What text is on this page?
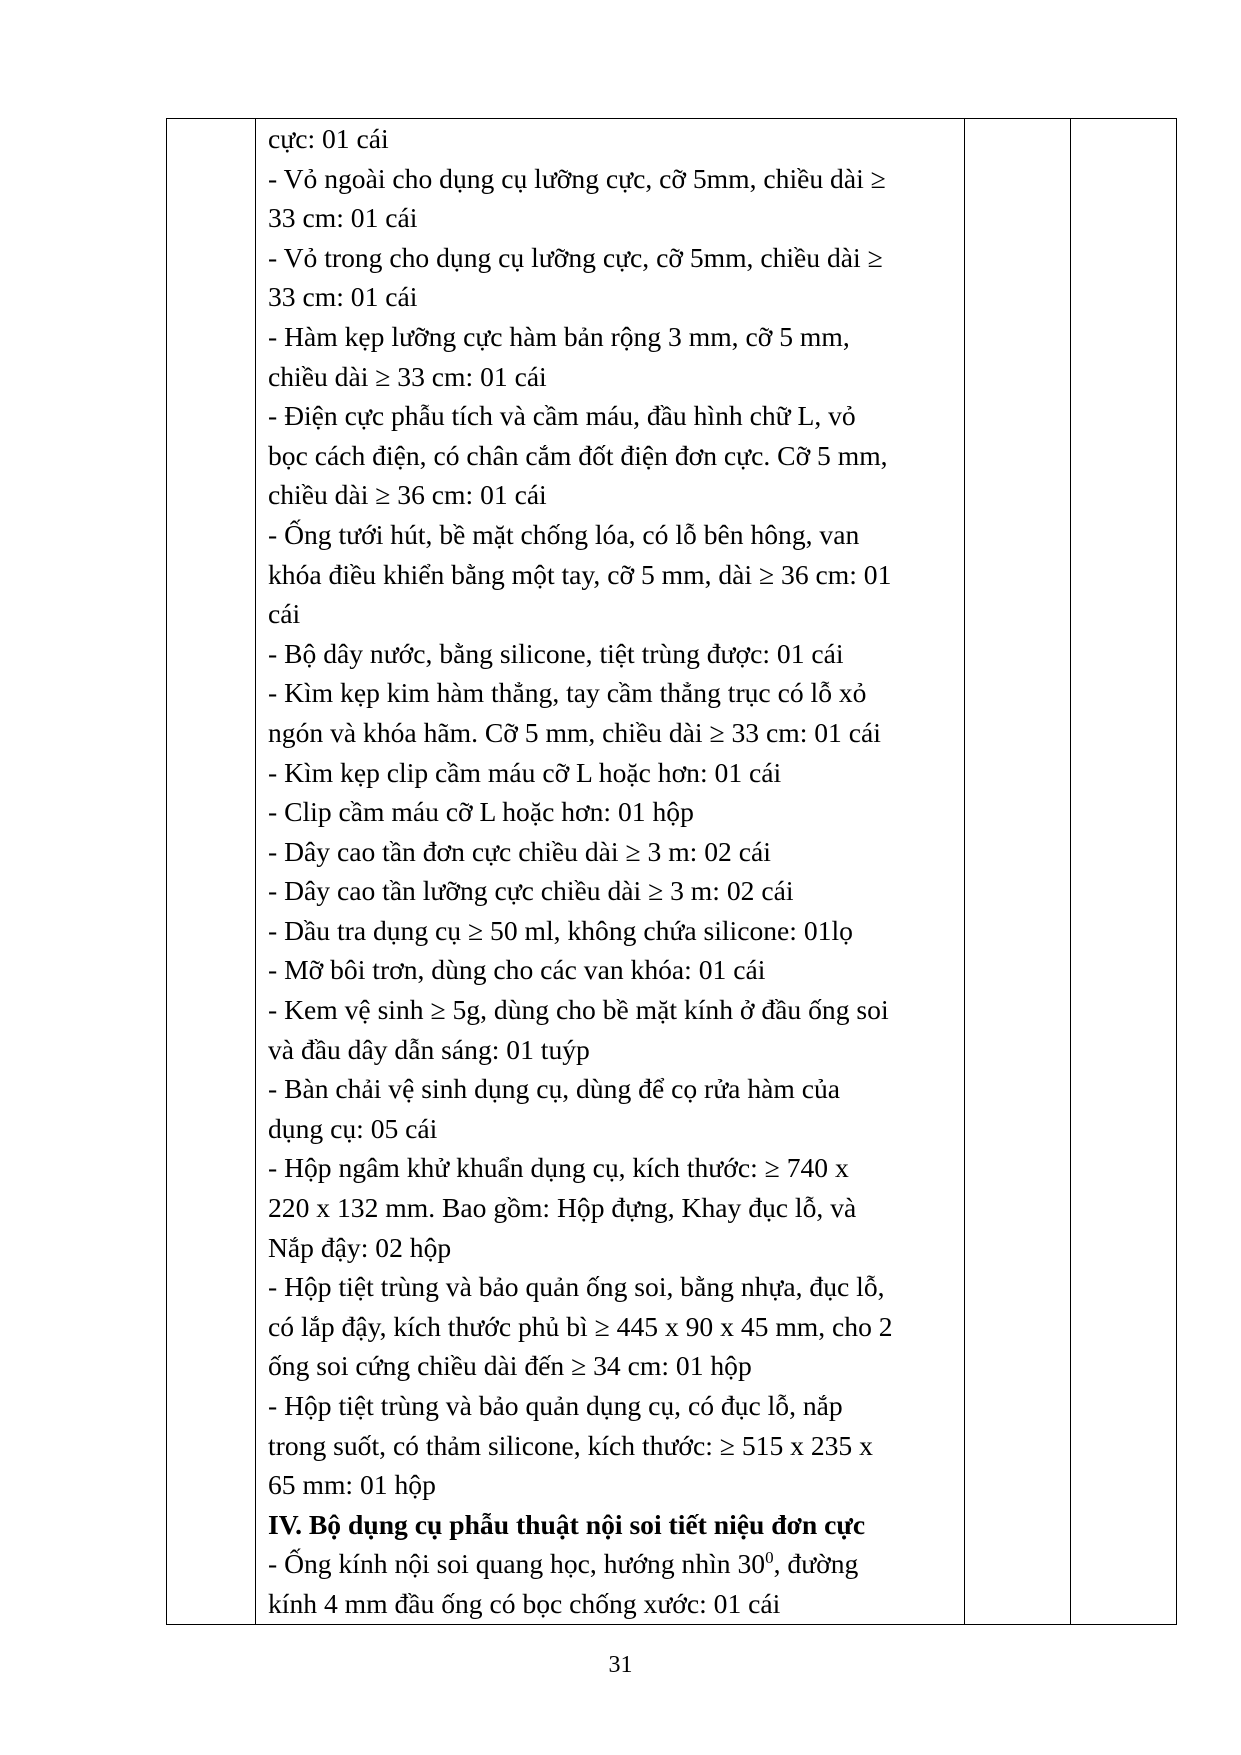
cực: 01 cái
- Vỏ ngoài cho dụng cụ lưỡng cực, cỡ 5mm, chiều dài ≥
33 cm: 01 cái
- Vỏ trong cho dụng cụ lưỡng cực, cỡ 5mm, chiều dài ≥
33 cm: 01 cái
- Hàm kẹp lưỡng cực hàm bản rộng 3 mm, cỡ 5 mm,
chiều dài ≥ 33 cm: 01 cái
- Điện cực phẫu tích và cầm máu, đầu hình chữ L, vỏ
bọc cách điện, có chân cắm đốt điện đơn cực. Cỡ 5 mm,
chiều dài ≥ 36 cm: 01 cái
- Ống tưới hút, bề mặt chống lóa, có lỗ bên hông, van
khóa điều khiển bằng một tay, cỡ 5 mm, dài ≥ 36 cm: 01
cái
- Bộ dây nước, bằng silicone, tiệt trùng được: 01 cái
- Kìm kẹp kim hàm thẳng, tay cầm thẳng trục có lỗ xỏ
ngón và khóa hãm. Cỡ 5 mm, chiều dài ≥ 33 cm: 01 cái
- Kìm kẹp clip cầm máu cỡ L hoặc hơn: 01 cái
- Clip cầm máu cỡ L hoặc hơn: 01 hộp
- Dây cao tần đơn cực chiều dài ≥ 3 m: 02 cái
- Dây cao tần lưỡng cực chiều dài ≥ 3 m: 02 cái
- Dầu tra dụng cụ ≥ 50 ml, không chứa silicone: 01lọ
- Mỡ bôi trơn, dùng cho các van khóa: 01 cái
- Kem vệ sinh ≥ 5g, dùng cho bề mặt kính ở đầu ống soi
và đầu dây dẫn sáng: 01 tuýp
- Bàn chải vệ sinh dụng cụ, dùng để cọ rửa hàm của
dụng cụ: 05 cái
- Hộp ngâm khử khuẩn dụng cụ, kích thước: ≥ 740 x
220 x 132 mm. Bao gồm: Hộp đựng, Khay đục lỗ, và
Nắp đậy: 02 hộp
- Hộp tiệt trùng và bảo quản ống soi, bằng nhựa, đục lỗ,
có lắp đậy, kích thước phủ bì ≥ 445 x 90 x 45 mm, cho 2
ống soi cứng chiều dài đến ≥ 34 cm: 01 hộp
- Hộp tiệt trùng và bảo quản dụng cụ, có đục lỗ, nắp
trong suốt, có thảm silicone, kích thước: ≥ 515 x 235 x
65 mm: 01 hộp
IV. Bộ dụng cụ phẫu thuật nội soi tiết niệu đơn cực
- Ống kính nội soi quang học, hướng nhìn $30^0$, đường
kính 4 mm đầu ống có bọc chống xước: 01 cái

31
